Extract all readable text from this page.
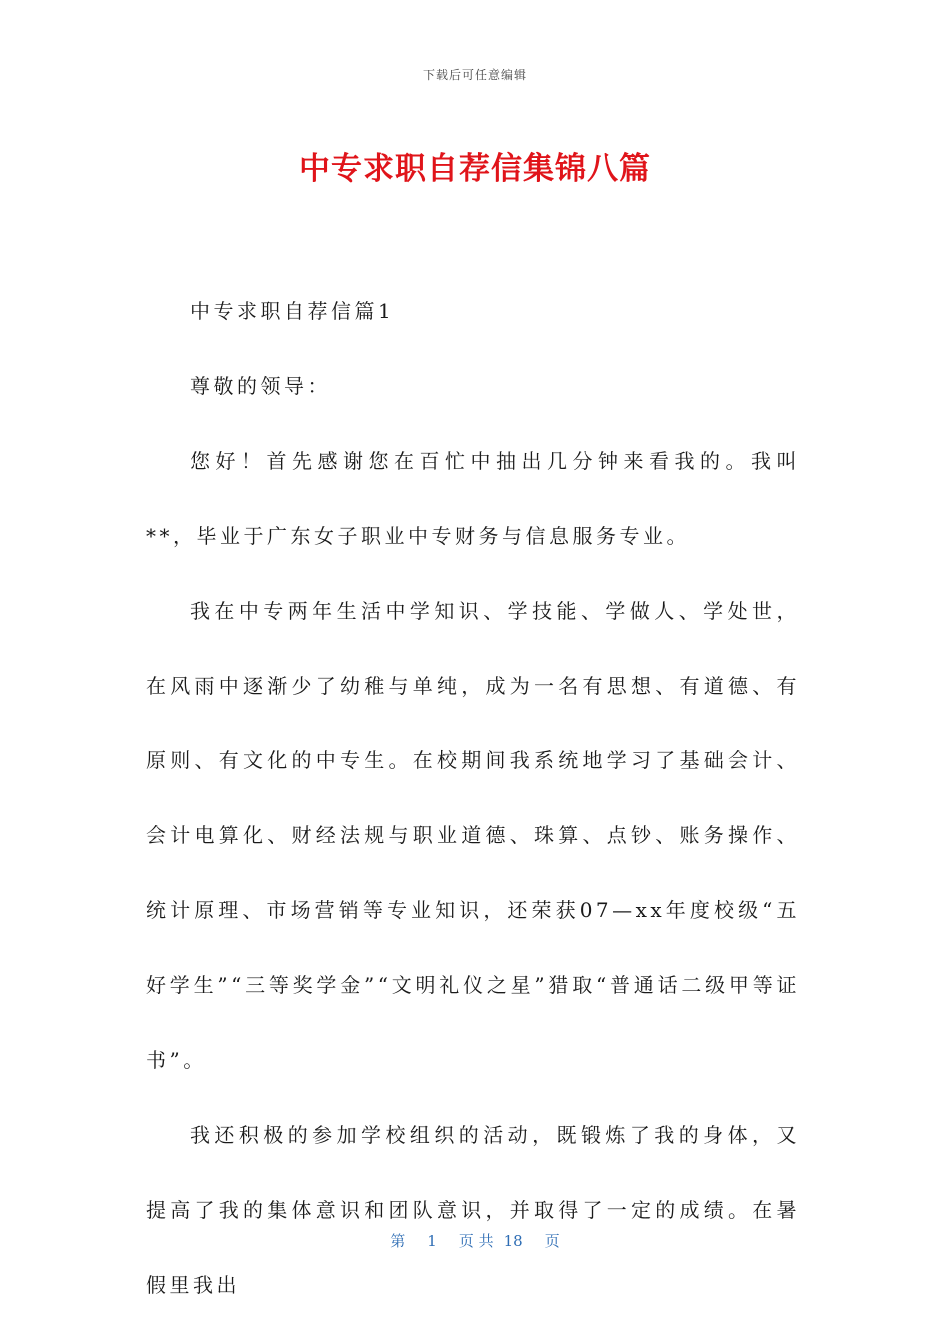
下载后可任意编辑
中专求职自荐信集锦八篇

中专求职自荐信篇1

尊敬的领导：

您好！首先感谢您在百忙中抽出几分钟来看我的。我叫**，毕业于广东女子职业中专财务与信息服务专业。

我在中专两年生活中学知识、学技能、学做人、学处世，在风雨中逐渐少了幼稚与单纯，成为一名有思想、有道德、有原则、有文化的中专生。在校期间我系统地学习了基础会计、会计电算化、财经法规与职业道德、珠算、点钞、账务操作、统计原理、市场营销等专业知识，还荣获07—xx年度校级“五好学生”“三等奖学金”“文明礼仪之星”猎取“普通话二级甲等证书”。

我还积极的参加学校组织的活动，既锻炼了我的身体，又提高了我的集体意识和团队意识，并取得了一定的成绩。在暑假里我出

第 1 页 共 18 页
